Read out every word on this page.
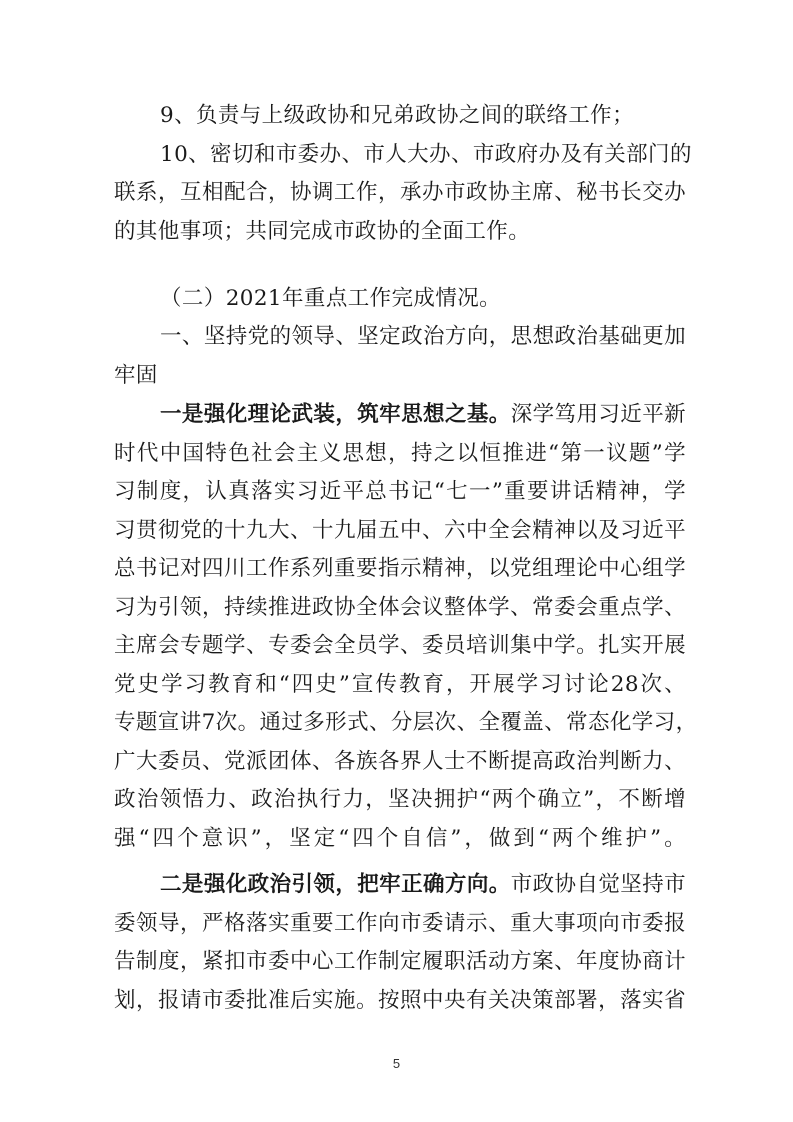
9、负责与上级政协和兄弟政协之间的联络工作；
10、密切和市委办、市人大办、市政府办及有关部门的
联系，互相配合，协调工作，承办市政协主席、秘书长交办
的其他事项；共同完成市政协的全面工作。
（二）2021年重点工作完成情况。
一、坚持党的领导、坚定政治方向，思想政治基础更加
牢固
一是强化理论武装，筑牢思想之基。深学笃用习近平新
时代中国特色社会主义思想，持之以恒推进“第一议题”学
习制度，认真落实习近平总书记“七一”重要讲话精神，学
习贯彻党的十九大、十九届五中、六中全会精神以及习近平
总书记对四川工作系列重要指示精神，以党组理论中心组学
习为引领，持续推进政协全体会议整体学、常委会重点学、
主席会专题学、专委会全员学、委员培训集中学。扎实开展
党史学习教育和“四史”宣传教育，开展学习讨论28次、
专题宣讲7次。通过多形式、分层次、全覆盖、常态化学习，
广大委员、党派团体、各族各界人士不断提高政治判断力、
政治领悟力、政治执行力，坚决拥护“两个确立”，不断增
强“四个意识”，坚定“四个自信”，做到“两个维护”。
二是强化政治引领，把牢正确方向。市政协自觉坚持市
委领导，严格落实重要工作向市委请示、重大事项向市委报
告制度，紧扣市委中心工作制定履职活动方案、年度协商计
划，报请市委批准后实施。按照中央有关决策部署，落实省
5
